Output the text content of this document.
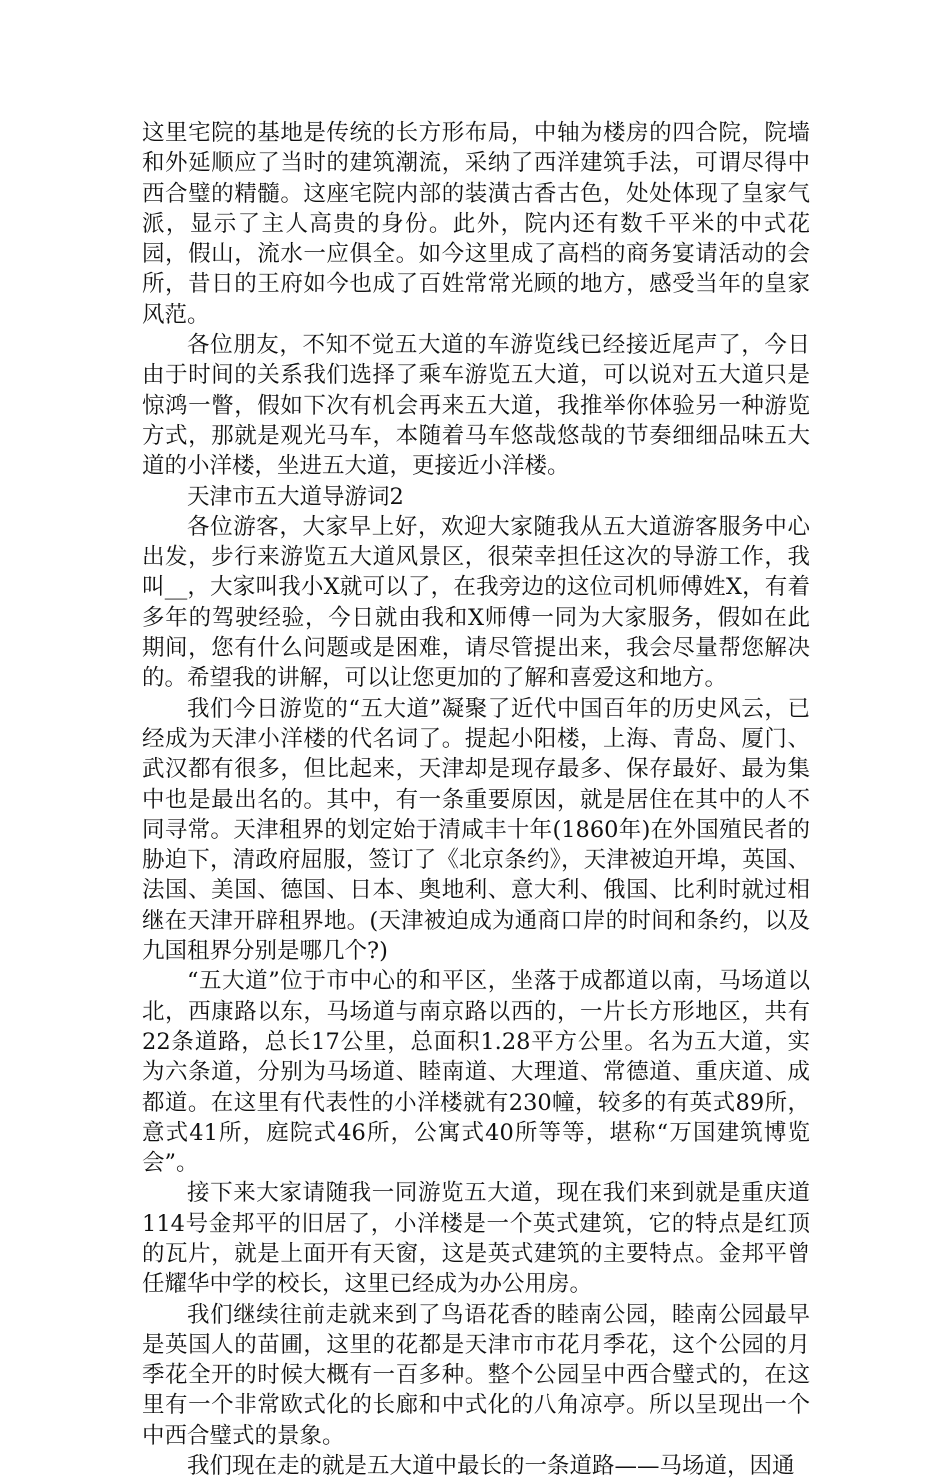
这里宅院的基地是传统的长方形布局，中轴为楼房的四合院，院墙和外延顺应了当时的建筑潮流，采纳了西洋建筑手法，可谓尽得中西合璧的精髓。这座宅院内部的装潢古香古色，处处体现了皇家气派，显示了主人高贵的身份。此外，院内还有数千平米的中式花园，假山，流水一应俱全。如今这里成了高档的商务宴请活动的会所，昔日的王府如今也成了百姓常常光顾的地方，感受当年的皇家风范。

各位朋友，不知不觉五大道的车游览线已经接近尾声了，今日由于时间的关系我们选择了乘车游览五大道，可以说对五大道只是惊鸿一瞥，假如下次有机会再来五大道，我推举你体验另一种游览方式，那就是观光马车，本随着马车悠哉悠哉的节奏细细品味五大道的小洋楼，坐进五大道，更接近小洋楼。

天津市五大道导游词2

各位游客，大家早上好，欢迎大家随我从五大道游客服务中心出发，步行来游览五大道风景区，很荣幸担任这次的导游工作，我叫__，大家叫我小X就可以了，在我旁边的这位司机师傅姓X，有着多年的驾驶经验，今日就由我和X师傅一同为大家服务，假如在此期间，您有什么问题或是困难，请尽管提出来，我会尽量帮您解决的。希望我的讲解，可以让您更加的了解和喜爱这和地方。

我们今日游览的“五大道”凝聚了近代中国百年的历史风云，已经成为天津小洋楼的代名词了。提起小阳楼，上海、青岛、厦门、武汉都有很多，但比起来，天津却是现存最多、保存最好、最为集中也是最出名的。其中，有一条重要原因，就是居住在其中的人不同寻常。天津租界的划定始于清咸丰十年(1860年)在外国殖民者的胁迫下，清政府屈服，签订了《北京条约》，天津被迫开埠，英国、法国、美国、德国、日本、奥地利、意大利、俄国、比利时就过相继在天津开辟租界地。(天津被迫成为通商口岸的时间和条约，以及九国租界分别是哪几个?)

“五大道”位于市中心的和平区，坐落于成都道以南，马场道以北，西康路以东，马场道与南京路以西的，一片长方形地区，共有22条道路，总长17公里，总面积1.28平方公里。名为五大道，实为六条道，分别为马场道、睦南道、大理道、常德道、重庆道、成都道。在这里有代表性的小洋楼就有230幢，较多的有英式89所，意式41所，庭院式46所，公寓式40所等等，堪称“万国建筑博览会”。

接下来大家请随我一同游览五大道，现在我们来到就是重庆道114号金邦平的旧居了，小洋楼是一个英式建筑，它的特点是红顶的瓦片，就是上面开有天窗，这是英式建筑的主要特点。金邦平曾任耀华中学的校长，这里已经成为办公用房。

我们继续往前走就来到了鸟语花香的睦南公园，睦南公园最早是英国人的苗圃，这里的花都是天津市市花月季花，这个公园的月季花全开的时候大概有一百多种。整个公园呈中西合璧式的，在这里有一个非常欧式化的长廊和中式化的八角凉亭。所以呈现出一个中西合璧式的景象。

我们现在走的就是五大道中最长的一条道路——马场道，因通
